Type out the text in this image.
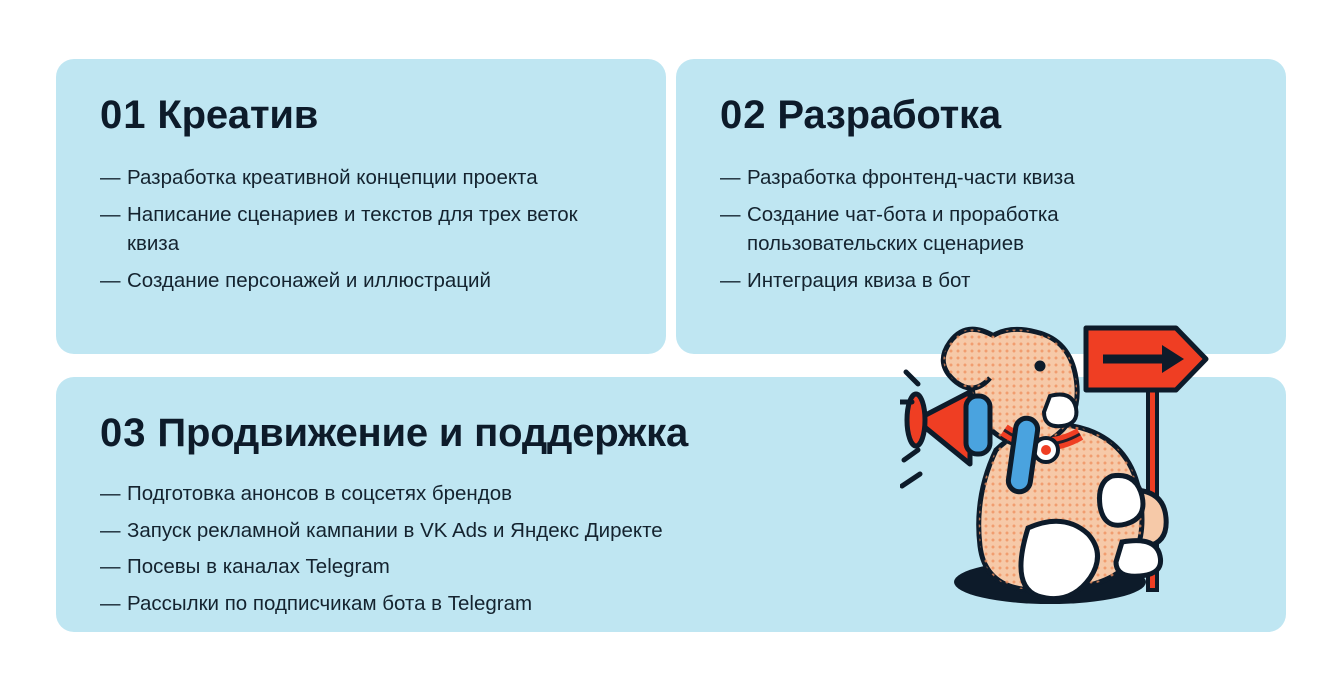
01 Креатив
— Разработка креативной концепции проекта
— Написание сценариев и текстов для трех веток квиза
— Создание персонажей и иллюстраций
02 Разработка
— Разработка фронтенд-части квиза
— Создание чат-бота и проработка пользовательских сценариев
— Интеграция квиза в бот
03 Продвижение и поддержка
— Подготовка анонсов в соцсетях брендов
— Запуск рекламной кампании в VK Ads и Яндекс Директе
— Посевы в каналах Telegram
— Рассылки по подписчикам бота в Telegram
